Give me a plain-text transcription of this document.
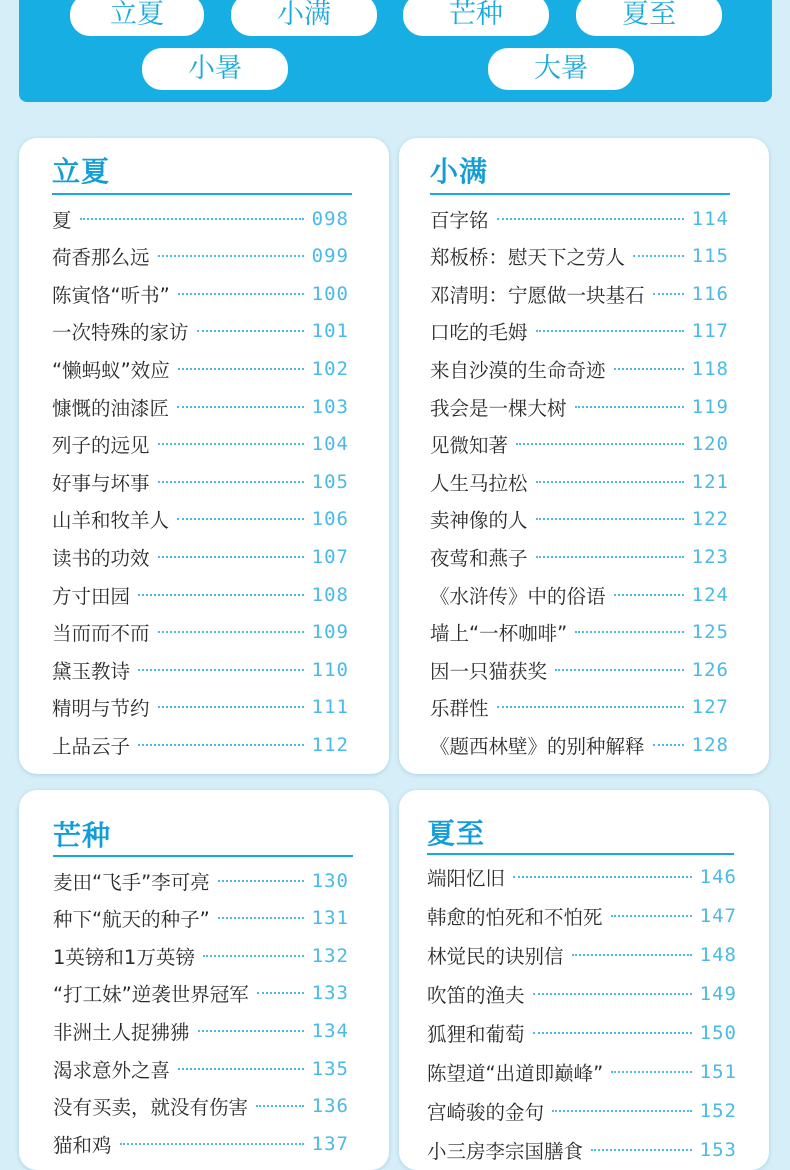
立夏	小满	芒种	夏至
小暑	大暑
立夏
夏	098
荷香那么远	099
陈寅恪“听书”	100
一次特殊的家访	101
“懒蚂蚁”效应	102
慷慨的油漆匠	103
列子的远见	104
好事与坏事	105
山羊和牧羊人	106
读书的功效	107
方寸田园	108
当而而不而	109
黛玉教诗	110
精明与节约	111
上品云子	112
小满
百字铭	114
郑板桥：慰天下之劳人	115
邓清明：宁愿做一块基石 116
口吃的毛姆	117
来自沙漠的生命奇迹	118
我会是一棵大树	119
见微知著	120
人生马拉松	121
卖神像的人	122
夜莺和燕子	123
《水浒传》中的俗语	124
墙上“一杯咖啡”	125
因一只猫获奖	126
乐群性	127
《题西林壁》的别种解释 128
芒种
麦田“飞手”李可亮	130
种下“航天的种子”	131
1英镑和1万英镑	132
“打工妹”逆袭世界冠军	133
非洲土人捉狒狒	134
渴求意外之喜	135
没有买卖，就没有伤害	136
猫和鸡	137
夏至
端阳忆旧	146
韩愈的怕死和不怕死	147
林觉民的诀别信	148
吹笛的渔夫	149
狐狸和葡萄	150
陈望道“出道即巅峰”	151
宫崎骏的金句	152
小三房李宗国膳食	153
